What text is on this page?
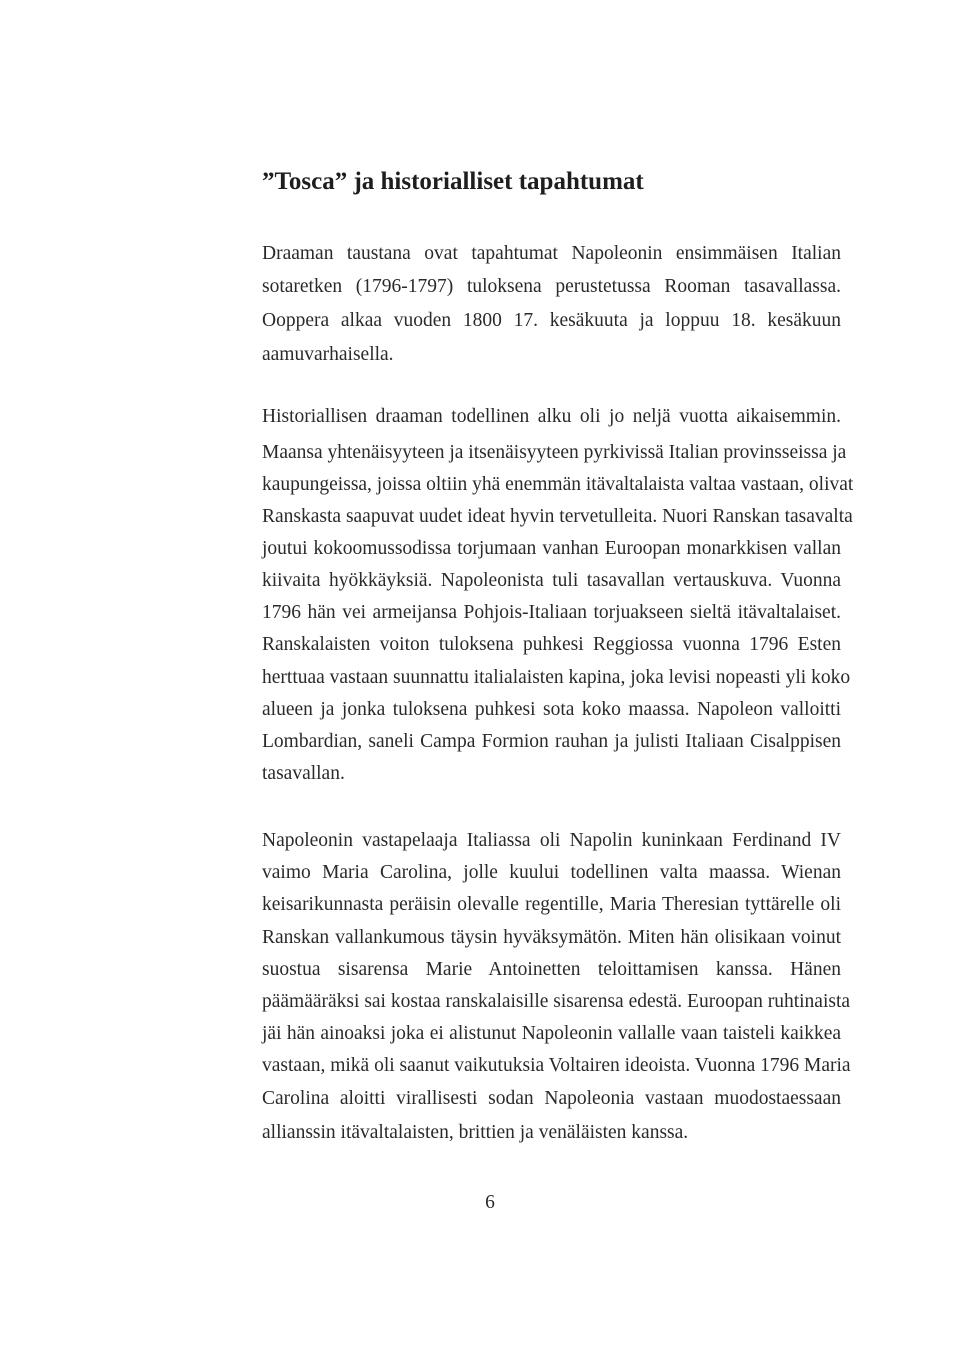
”Tosca” ja historialliset tapahtumat
Draaman taustana ovat tapahtumat Napoleonin ensimmäisen Italian
sotaretken (1796-1797) tuloksena perustetussa Rooman tasavallassa.
Ooppera alkaa vuoden 1800 17. kesäkuuta ja loppuu 18. kesäkuun
aamuvarhaisella.
Historiallisen draaman todellinen alku oli jo neljä vuotta aikaisemmin.
Maansa yhtenäisyyteen ja itsenäisyyteen pyrkivissä Italian provinsseissa ja
kaupungeissa, joissa oltiin yhä enemmän itävaltalaista valtaa vastaan, olivat
Ranskasta saapuvat uudet ideat hyvin tervetulleita. Nuori Ranskan tasavalta
joutui kokoomussodissa torjumaan vanhan Euroopan monarkkisen vallan
kiivaita hyökkäyksiä. Napoleonista tuli tasavallan vertauskuva. Vuonna
1796 hän vei armeijansa Pohjois-Italiaan torjuakseen sieltä itävaltalaiset.
Ranskalaisten voiton tuloksena puhkesi Reggiossa vuonna 1796 Esten
herttuaa vastaan suunnattu italialaisten kapina, joka levisi nopeasti yli koko
alueen ja jonka tuloksena puhkesi sota koko maassa. Napoleon valloitti
Lombardian, saneli Campa Formion rauhan ja julisti Italiaan Cisalppisen
tasavallan.
Napoleonin vastapelaaja Italiassa oli Napolin kuninkaan Ferdinand IV
vaimo Maria Carolina, jolle kuului todellinen valta maassa. Wienan
keisarikunnasta peräisin olevalle regentille, Maria Theresian tyttärelle oli
Ranskan vallankumous täysin hyväksymätön. Miten hän olisikaan voinut
suostua sisarensa Marie Antoinetten teloittamisen kanssa. Hänen
päämääräksi sai kostaa ranskalaisille sisarensa edestä. Euroopan ruhtinaista
jäi hän ainoaksi joka ei alistunut Napoleonin vallalle vaan taisteli kaikkea
vastaan, mikä oli saanut vaikutuksia Voltairen ideoista. Vuonna 1796 Maria
Carolina aloitti virallisesti sodan Napoleonia vastaan muodostaessaan
allianssin itävaltalaisten, brittien ja venäläisten kanssa.

6
